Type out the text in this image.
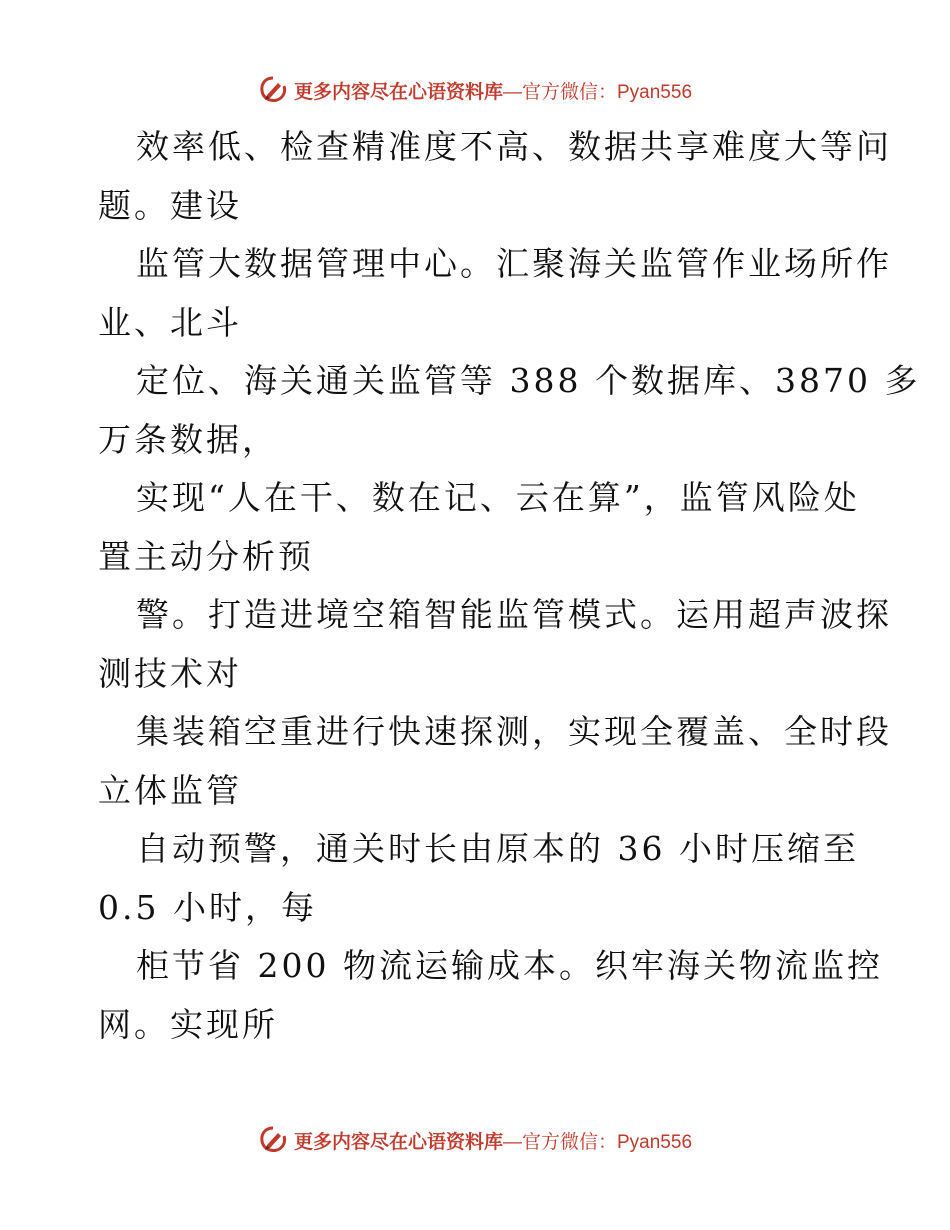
更多内容尽在心语资料库 —官方微信：Pyan556

效率低、检查精准度不高、数据共享难度大等问
题。建设

监管大数据管理中心。汇聚海关监管作业场所作
业、北斗

定位、海关通关监管等 388 个数据库、3870 多
万条数据，

实现“人在干、数在记、云在算”，监管风险处
置主动分析预

警。打造进境空箱智能监管模式。运用超声波探
测技术对

集装箱空重进行快速探测，实现全覆盖、全时段
立体监管

自动预警，通关时长由原本的 36 小时压缩至
0.5 小时，每

柜节省 200 物流运输成本。织牢海关物流监控
网。实现所

更多内容尽在心语资料库 —官方微信：Pyan556
